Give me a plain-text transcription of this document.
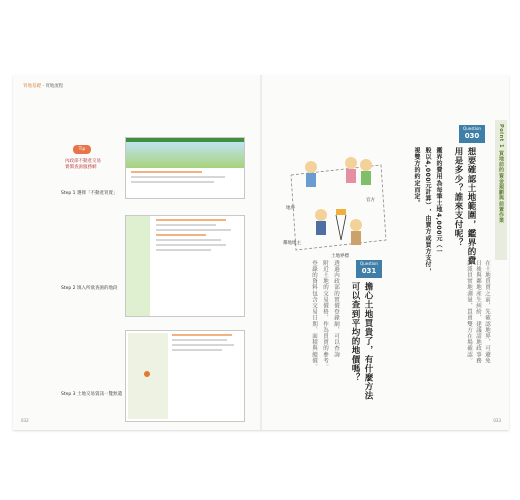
買地基礎 · 買地流程
Tip
內政部不動產交易實價查詢服務網
Step 1 選擇「不動產買賣」
Step 2 填入所欲查詢的地段
Step 3 土地交易資訊一覽無遺
032
Point 1 買地前的資金規劃與前置作業
在土地買賣之前，先確認地界，可避免
日後與鄰地產生糾紛，建議請地政事務
所派員實地測量，買賣雙方在場確認。
Question
030
想要確認土地範圍，鑑界的費
用是多少？誰來支付呢？
鑑界的費用為每筆土地4,000元（一
般以4,000元計算），由賣方或買方支付，
視雙方的約定而定。
官方
地界
鄰地地主
土地界標
Question
031
擔心土地買貴了，有什麼方法
可以查到平均的地價嗎？
透過內政部的實價登錄網，可以查詢
附近土地的交易價格，作為買賣的參考。
登錄的資料包含交易日期、面積與總價。
033
